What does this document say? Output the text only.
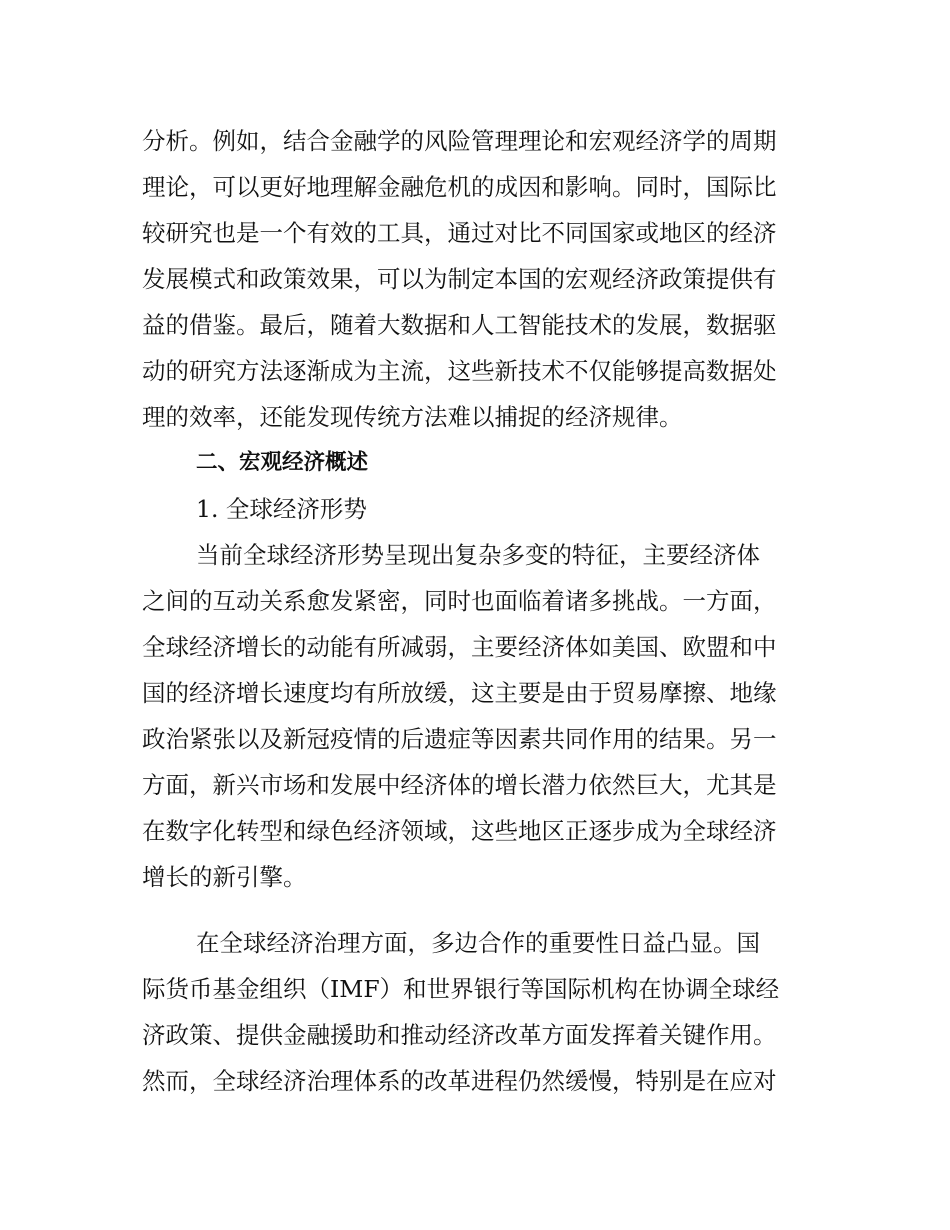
分析。例如，结合金融学的风险管理理论和宏观经济学的周期
理论，可以更好地理解金融危机的成因和影响。同时，国际比
较研究也是一个有效的工具，通过对比不同国家或地区的经济
发展模式和政策效果，可以为制定本国的宏观经济政策提供有
益的借鉴。最后，随着大数据和人工智能技术的发展，数据驱
动的研究方法逐渐成为主流，这些新技术不仅能够提高数据处
理的效率，还能发现传统方法难以捕捉的经济规律。
二、宏观经济概述
1. 全球经济形势
当前全球经济形势呈现出复杂多变的特征，主要经济体
之间的互动关系愈发紧密，同时也面临着诸多挑战。一方面，
全球经济增长的动能有所减弱，主要经济体如美国、欧盟和中
国的经济增长速度均有所放缓，这主要是由于贸易摩擦、地缘
政治紧张以及新冠疫情的后遗症等因素共同作用的结果。另一
方面，新兴市场和发展中经济体的增长潜力依然巨大，尤其是
在数字化转型和绿色经济领域，这些地区正逐步成为全球经济
增长的新引擎。
在全球经济治理方面，多边合作的重要性日益凸显。国
际货币基金组织（IMF）和世界银行等国际机构在协调全球经
济政策、提供金融援助和推动经济改革方面发挥着关键作用。
然而，全球经济治理体系的改革进程仍然缓慢，特别是在应对
